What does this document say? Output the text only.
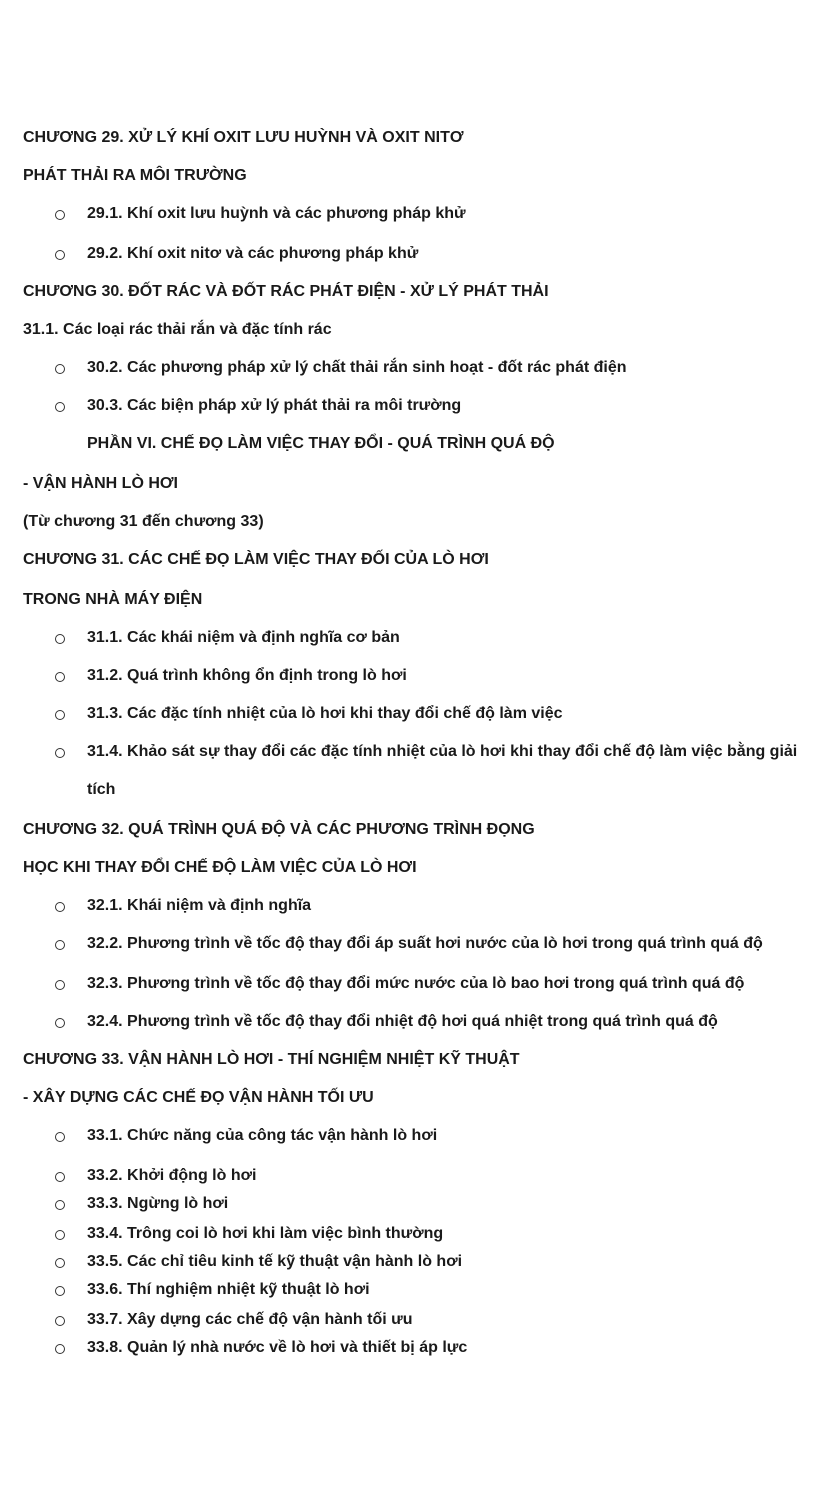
CHƯƠNG 29. XỬ LÝ KHÍ OXIT LƯU HUỲNH VÀ OXIT NITƠ
PHÁT THẢI RA MÔI TRƯỜNG
29.1. Khí oxit lưu huỳnh và các phương pháp khử
29.2. Khí oxit nitơ và các phương pháp khử
CHƯƠNG 30. ĐỐT RÁC VÀ ĐỐT RÁC PHÁT ĐIỆN - XỬ LÝ PHÁT THẢI
31.1. Các loại rác thải rắn và đặc tính rác
30.2. Các phương pháp xử lý chất thải rắn sinh hoạt - đốt rác phát điện
30.3. Các biện pháp xử lý phát thải ra môi trường
PHẦN VI. CHẾ ĐỌ LÀM VIỆC THAY ĐỔI - QUÁ TRÌNH QUÁ ĐỘ
- VẬN HÀNH LÒ HƠI
(Từ chương 31 đến chương 33)
CHƯƠNG 31. CÁC CHẾ ĐỌ LÀM VIỆC THAY ĐỐI CỦA LÒ HƠI
TRONG NHÀ MÁY ĐIỆN
31.1. Các khái niệm và định nghĩa cơ bản
31.2. Quá trình không ổn định trong lò hơi
31.3. Các đặc tính nhiệt của lò hơi khi thay đổi chế độ làm việc
31.4. Khảo sát sự thay đổi các đặc tính nhiệt của lò hơi khi thay đổi chế độ làm việc bằng giải tích
CHƯƠNG 32. QUÁ TRÌNH QUÁ ĐỘ VÀ CÁC PHƯƠNG TRÌNH ĐỌNG
HỌC KHI THAY ĐỔI CHẾ ĐỘ LÀM VIỆC CỦA LÒ HƠI
32.1. Khái niệm và định nghĩa
32.2. Phương trình về tốc độ thay đổi áp suất hơi nước của lò hơi trong quá trình quá độ
32.3. Phương trình về tốc độ thay đổi mức nước của lò bao hơi trong quá trình quá độ
32.4. Phương trình về tốc độ thay đổi nhiệt độ hơi quá nhiệt trong quá trình quá độ
CHƯƠNG 33. VẬN HÀNH LÒ HƠI - THÍ NGHIỆM NHIỆT KỸ THUẬT
- XÂY DỰNG CÁC CHẾ ĐỌ VẬN HÀNH TỐI ƯU
33.1. Chức năng của công tác vận hành lò hơi
33.2. Khởi động lò hơi
33.3. Ngừng lò hơi
33.4. Trông coi lò hơi khi làm việc bình thường
33.5. Các chỉ tiêu kinh tế kỹ thuật vận hành lò hơi
33.6. Thí nghiệm nhiệt kỹ thuật lò hơi
33.7. Xây dựng các chế độ vận hành tối ưu
33.8. Quản lý nhà nước về lò hơi và thiết bị áp lực
